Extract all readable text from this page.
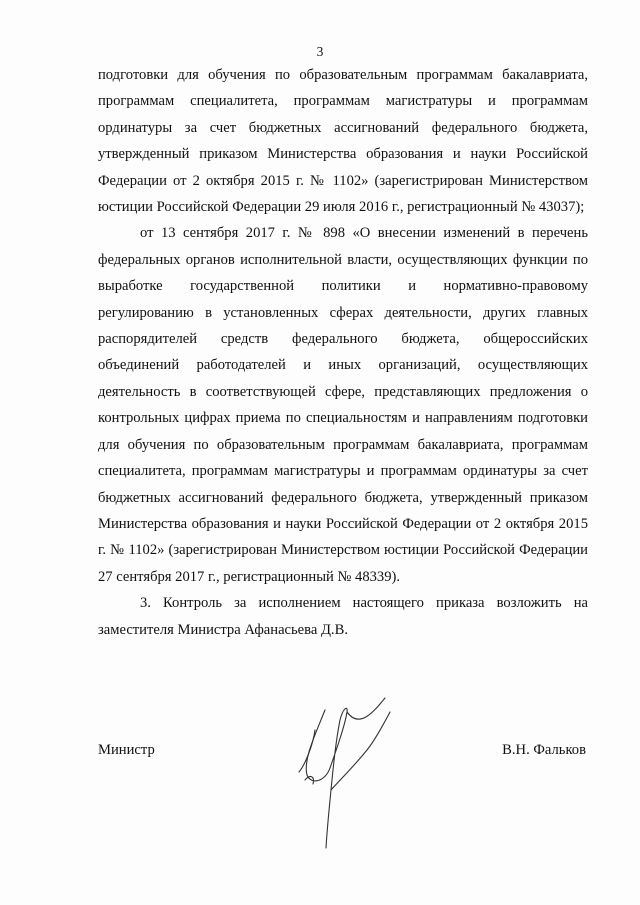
3

подготовки для обучения по образовательным программам бакалавриата, программам специалитета, программам магистратуры и программам ординатуры за счет бюджетных ассигнований федерального бюджета, утвержденный приказом Министерства образования и науки Российской Федерации от 2 октября 2015 г. № 1102» (зарегистрирован Министерством юстиции Российской Федерации 29 июля 2016 г., регистрационный № 43037);

от 13 сентября 2017 г. № 898 «О внесении изменений в перечень федеральных органов исполнительной власти, осуществляющих функции по выработке государственной политики и нормативно-правовому регулированию в установленных сферах деятельности, других главных распорядителей средств федерального бюджета, общероссийских объединений работодателей и иных организаций, осуществляющих деятельность в соответствующей сфере, представляющих предложения о контрольных цифрах приема по специальностям и направлениям подготовки для обучения по образовательным программам бакалавриата, программам специалитета, программам магистратуры и программам ординатуры за счет бюджетных ассигнований федерального бюджета, утвержденный приказом Министерства образования и науки Российской Федерации от 2 октября 2015 г. № 1102» (зарегистрирован Министерством юстиции Российской Федерации 27 сентября 2017 г., регистрационный № 48339).

3. Контроль за исполнением настоящего приказа возложить на заместителя Министра Афанасьева Д.В.

Министр	В.Н. Фальков
